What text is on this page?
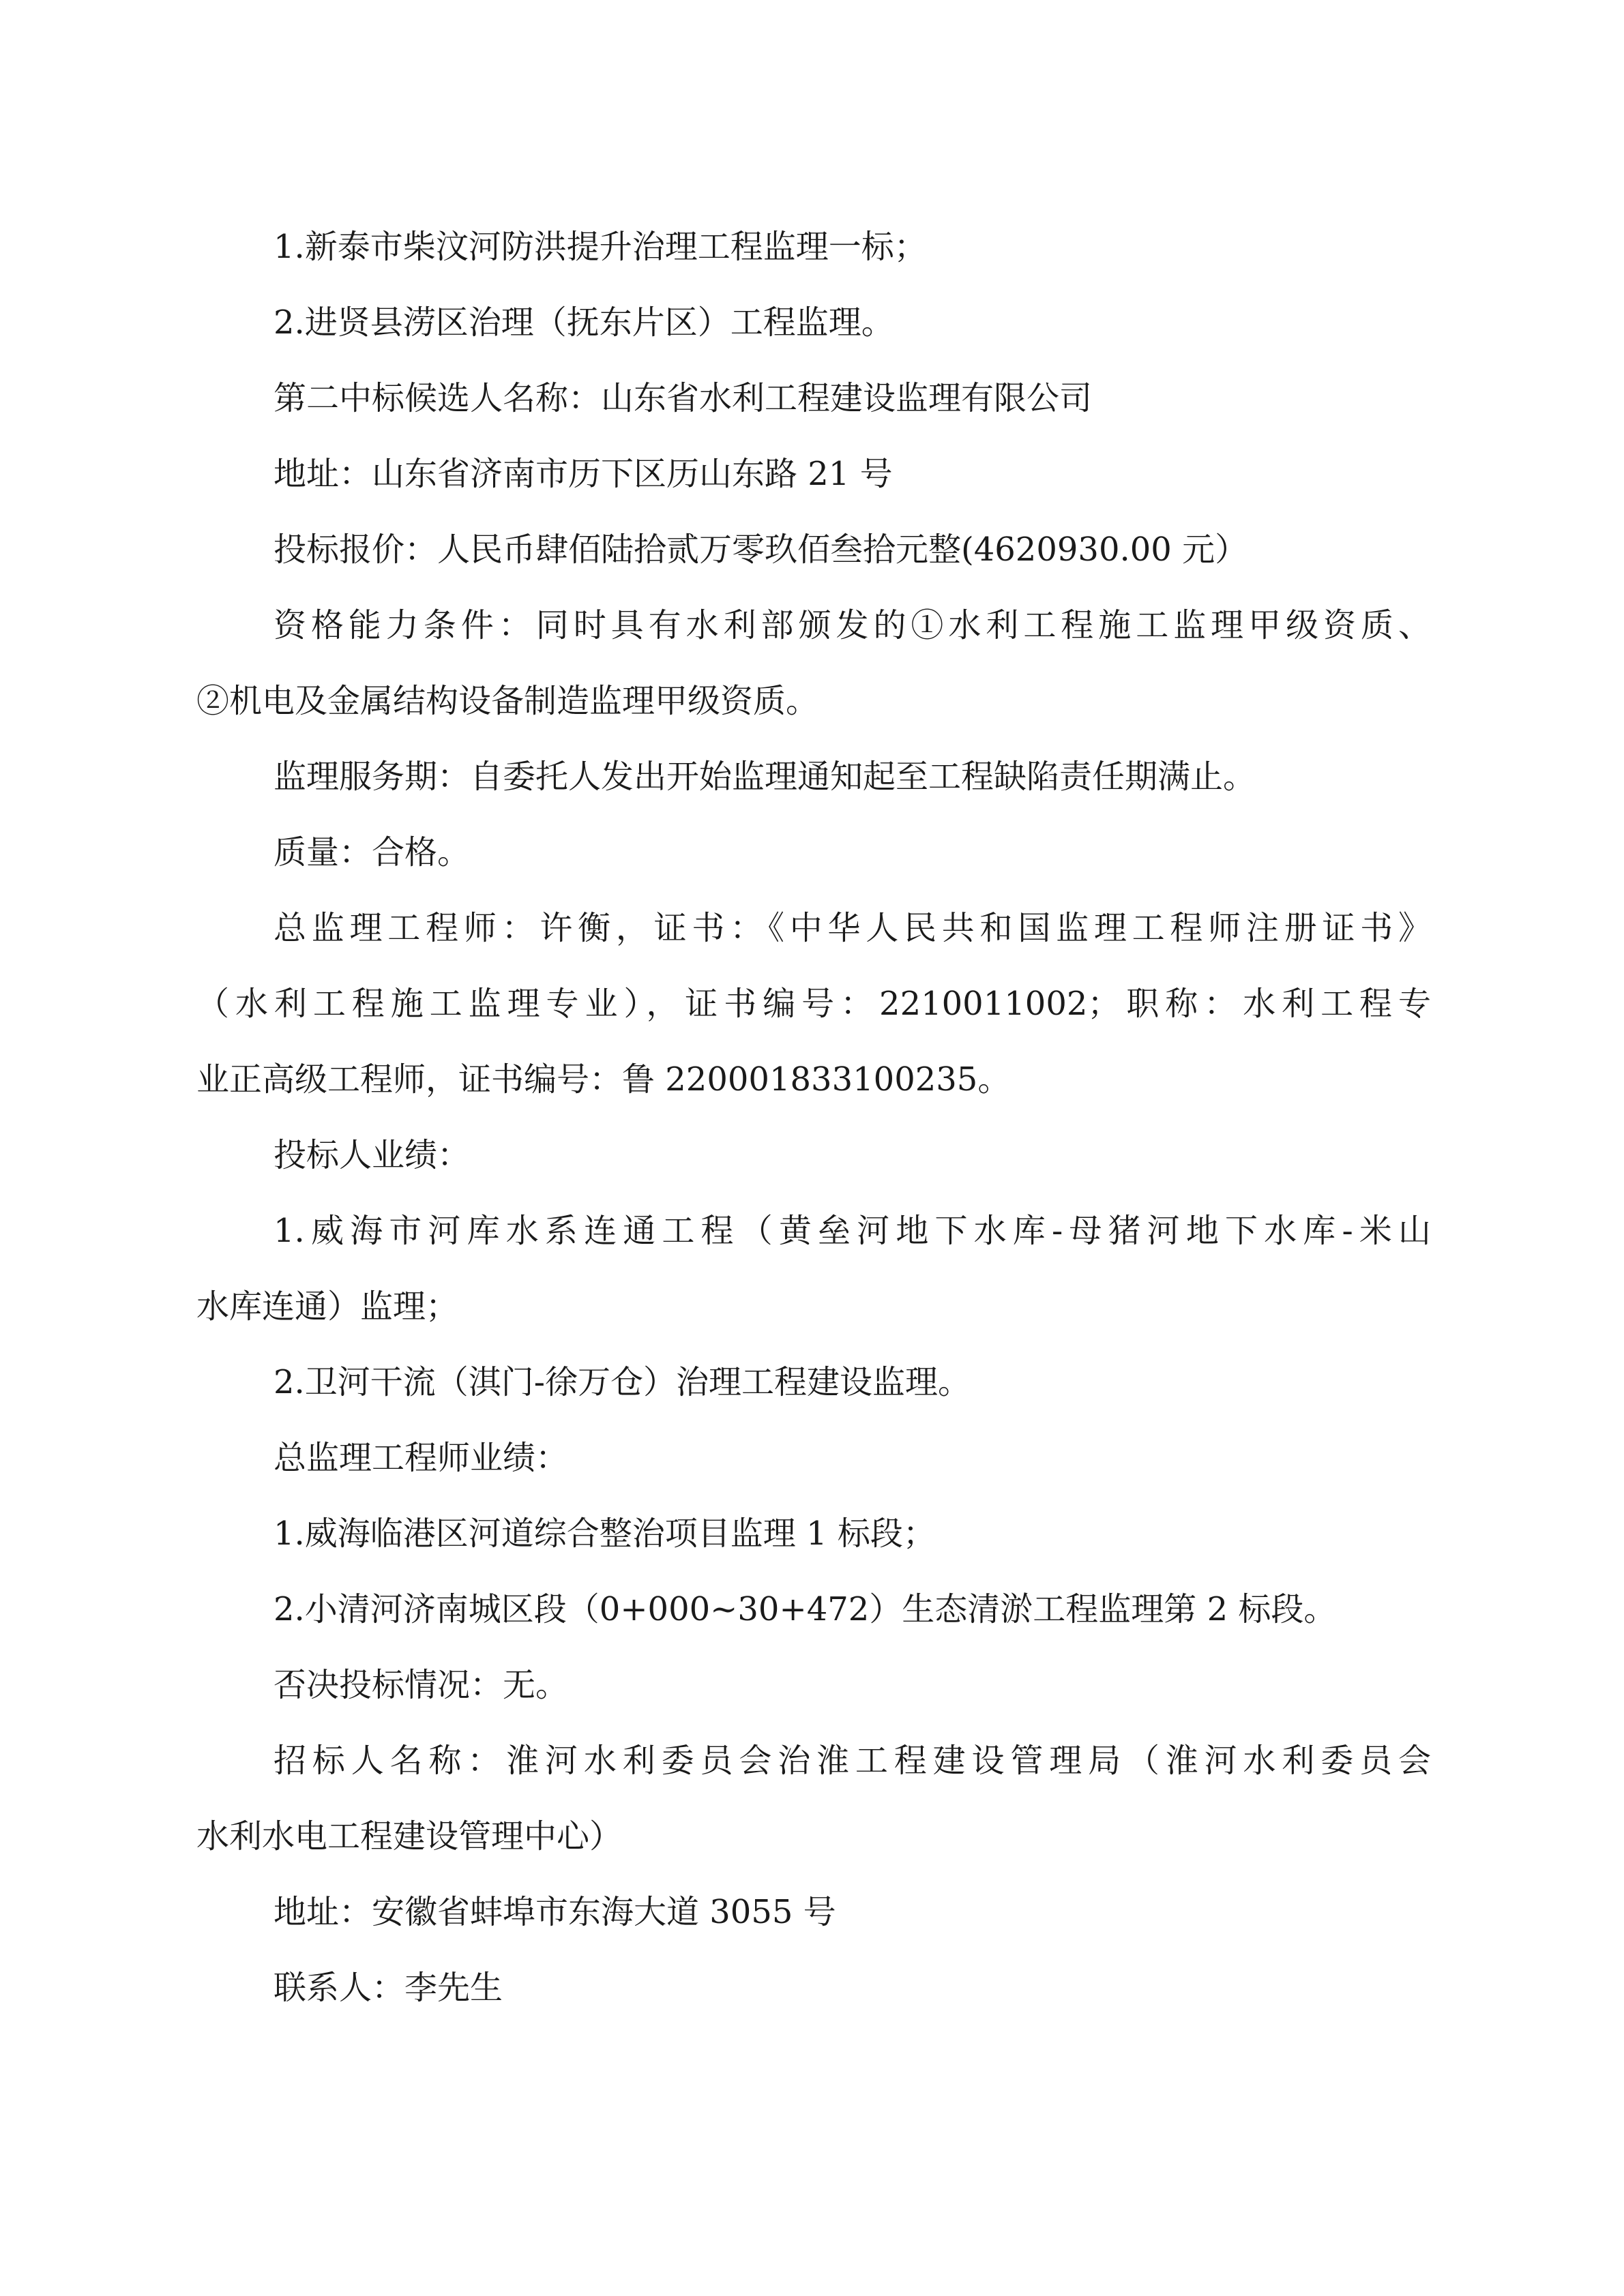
1.新泰市柴汶河防洪提升治理工程监理一标；
2.进贤县涝区治理（抚东片区）工程监理。
第二中标候选人名称：山东省水利工程建设监理有限公司
地址：山东省济南市历下区历山东路 21 号
投标报价：人民币肆佰陆拾贰万零玖佰叁拾元整(4620930.00 元）
资格能力条件：同时具有水利部颁发的①水利工程施工监理甲级资质、
②机电及金属结构设备制造监理甲级资质。
监理服务期：自委托人发出开始监理通知起至工程缺陷责任期满止。
质量：合格。
总监理工程师：许衡，证书：《中华人民共和国监理工程师注册证书》
（水利工程施工监理专业），证书编号：2210011002；职称：水利工程专
业正高级工程师，证书编号：鲁 220001833100235。
投标人业绩：
1.威海市河库水系连通工程（黄垒河地下水库-母猪河地下水库-米山
水库连通）监理；
2.卫河干流（淇门-徐万仓）治理工程建设监理。
总监理工程师业绩：
1.威海临港区河道综合整治项目监理 1 标段；
2.小清河济南城区段（0+000~30+472）生态清淤工程监理第 2 标段。
否决投标情况：无。
招标人名称：淮河水利委员会治淮工程建设管理局（淮河水利委员会
水利水电工程建设管理中心）
地址：安徽省蚌埠市东海大道 3055 号
联系人：李先生
